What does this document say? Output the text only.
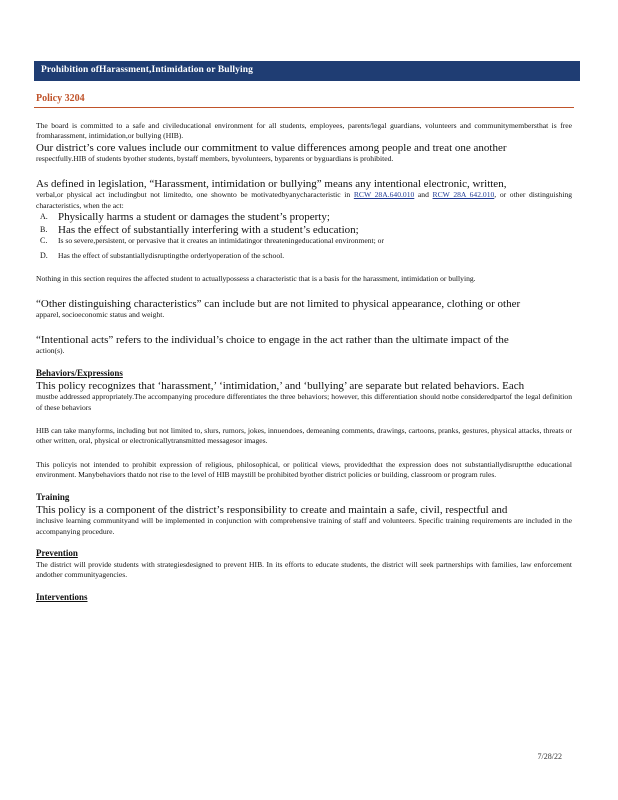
Prohibition ofHarassment,Intimidation or Bullying
Policy 3204

The board is committed to a safe and civileducational environment for all students, employees, parents/legal guardians, volunteers and communitymembersthat is free fromharassment, intimidation,or bullying (HIB).

Our district’s core values include our commitment to value differences among people and treat one another

respectfully.HIB of students byother students, bystaff members, byvolunteers, byparents or byguardians is prohibited.

As defined in legislation, “Harassment, intimidation or bullying” means any intentional electronic, written,

verbal,or physical act includingbut not limitedto, one shownto be motivatedbyanycharacteristic in RCW 28A.640.010 and RCW 28A 642.010, or other distinguishing characteristics, when the act:

A. Physically harms a student or damages the student’s property;
B. Has the effect of substantially interfering with a student’s education;
C. Is so severe,persistent, or pervasive that it creates an intimidatingor threateningeducational environment; or
D. Has the effect of substantiallydisruptingthe orderlyoperation of the school.

Nothing in this section requires the affected student to actuallypossess a characteristic that is a basis for the harassment, intimidation or bullying.

“Other distinguishing characteristics” can include but are not limited to physical appearance, clothing or other

apparel, socioeconomic status and weight.

“Intentional acts” refers to the individual’s choice to engage in the act rather than the ultimate impact of the

action(s).

Behaviors/Expressions

This policy recognizes that ‘harassment,’ ‘intimidation,’ and ‘bullying’ are separate but related behaviors. Each

mustbe addressed appropriately.The accompanying procedure differentiates the three behaviors; however, this differentiation should notbe consideredpartof the legal definition of these behaviors

HIB can take manyforms, including but not limited to, slurs, rumors, jokes, innuendoes, demeaning comments, drawings, cartoons, pranks, gestures, physical attacks, threats or other written, oral, physical or electronicallytransmitted messagesor images.

This policyis not intended to prohibit expression of religious, philosophical, or political views, providedthat the expression does not substantiallydisruptthe educational environment. Manybehaviors thatdo not rise to the level of HIB maystill be prohibited byother district policies or building, classroom or program rules.

Training

This policy is a component of the district’s responsibility to create and maintain a safe, civil, respectful and

inclusive learning communityand will be implemented in conjunction with comprehensive training of staff and volunteers. Specific training requirements are included in the accompanying procedure.

Prevention

The district will provide students with strategiesdesigned to prevent HIB. In its efforts to educate students, the district will seek partnerships with families, law enforcement andother communityagencies.

Interventions

7/28/22
